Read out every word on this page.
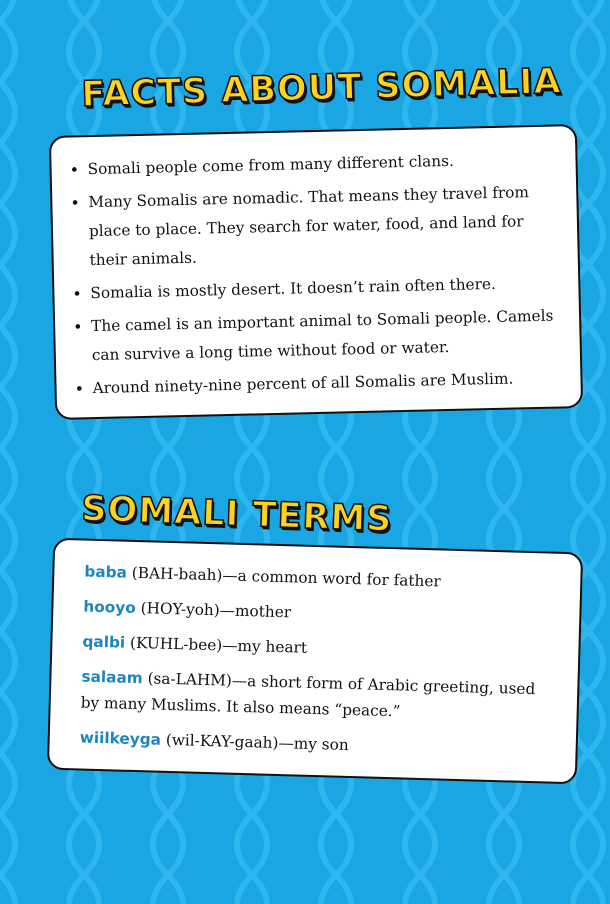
FACTS ABOUT SOMALIA
• Somali people come from many different clans.
• Many Somalis are nomadic. That means they travel from place to place. They search for water, food, and land for their animals.
• Somalia is mostly desert. It doesn’t rain often there.
• The camel is an important animal to Somali people. Camels can survive a long time without food or water.
• Around ninety-nine percent of all Somalis are Muslim.
SOMALI TERMS
baba (BAH-baah)—a common word for father
hooyo (HOY-yoh)—mother
qalbi (KUHL-bee)—my heart
salaam (sa-LAHM)—a short form of Arabic greeting, used by many Muslims. It also means “peace.”
wiilkeyga (wil-KAY-gaah)—my son
